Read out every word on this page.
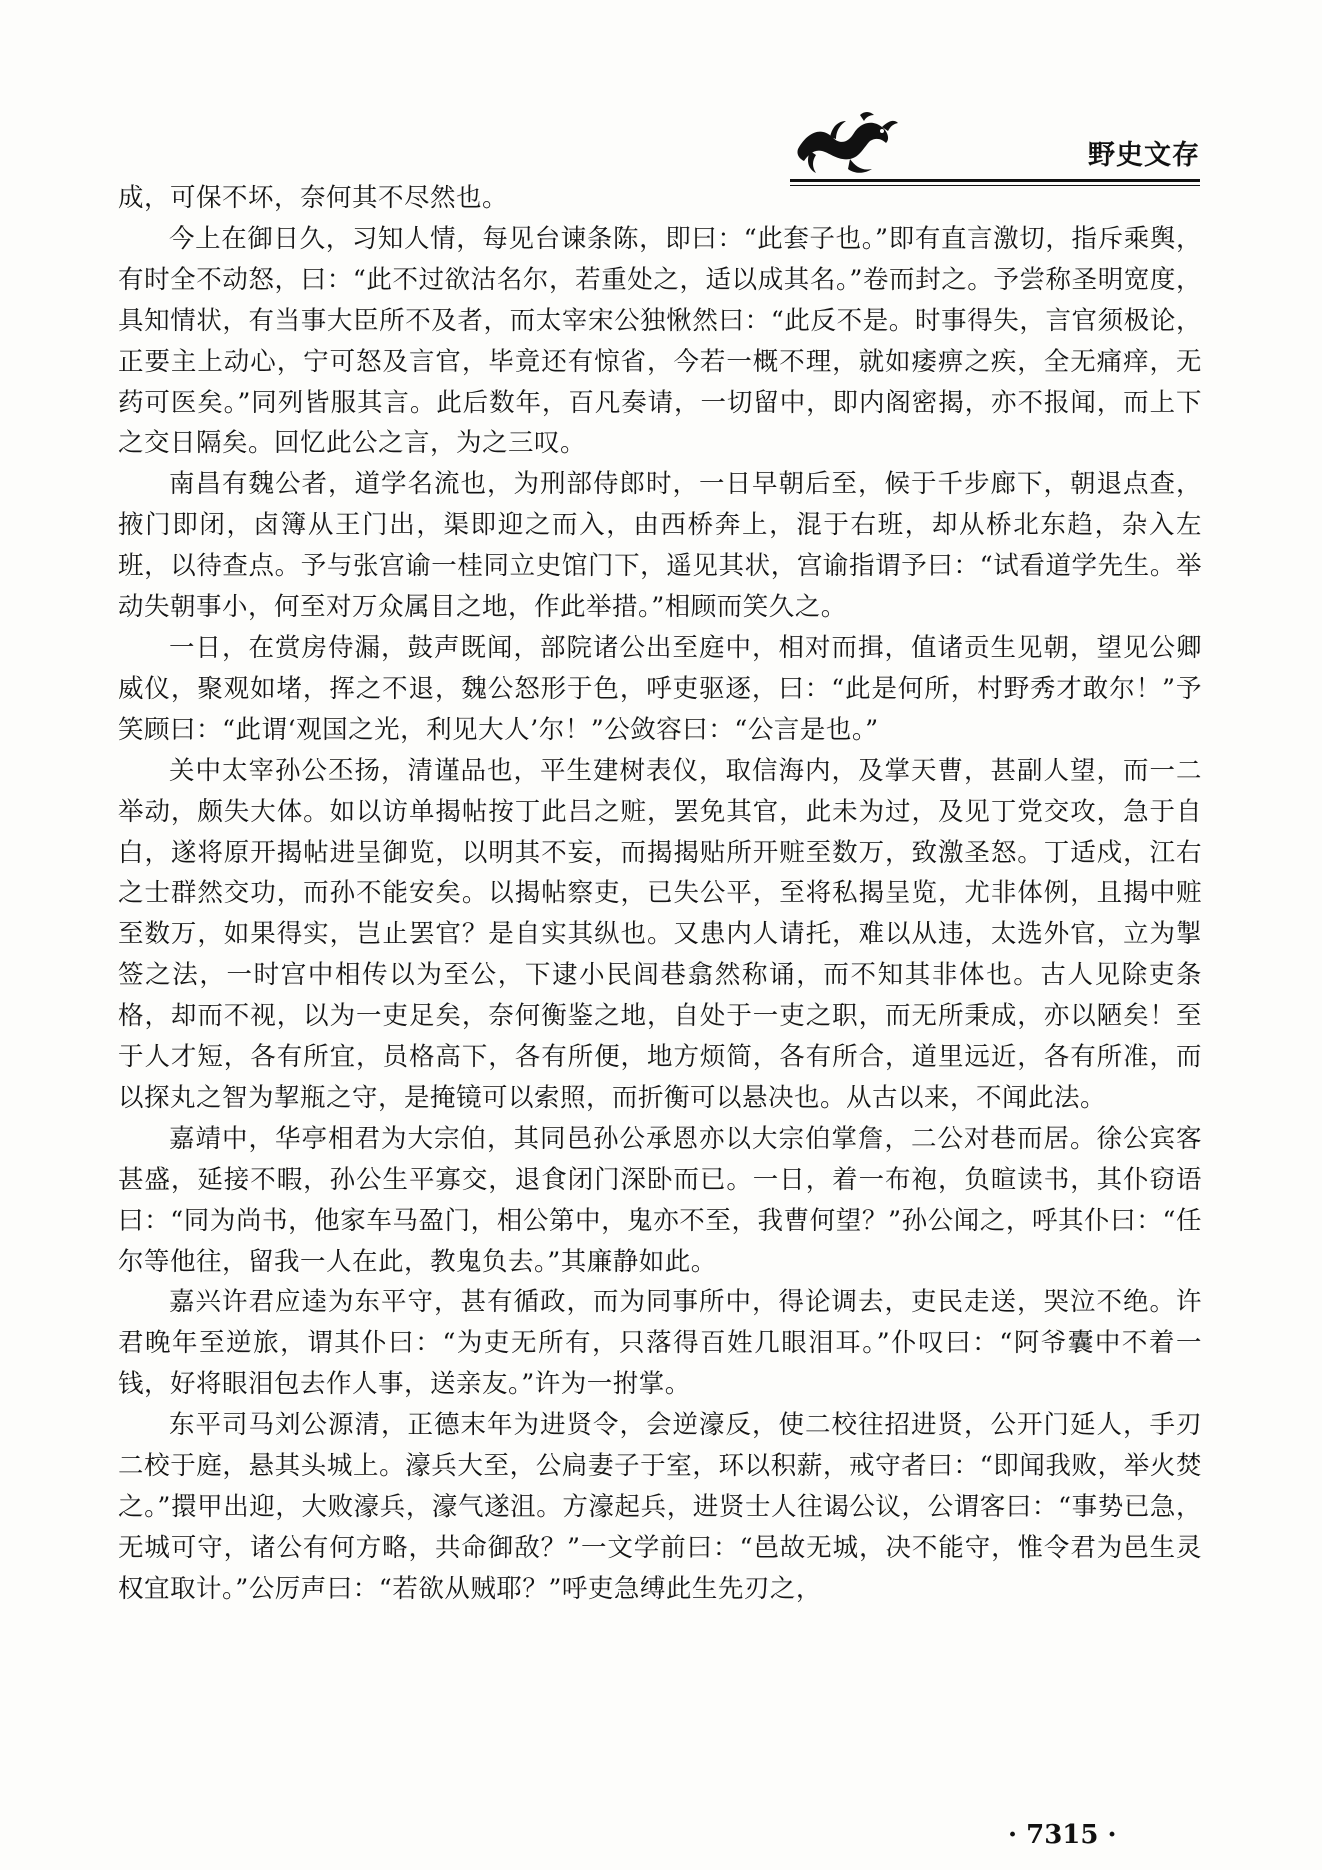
野史文存

成，可保不坏，奈何其不尽然也。

今上在御日久，习知人情，每见台谏条陈，即曰：“此套子也。”即有直言激切，指斥乘舆，有时全不动怒，曰：“此不过欲沽名尔，若重处之，适以成其名。”卷而封之。予尝称圣明宽度，具知情状，有当事大臣所不及者，而太宰宋公独愀然曰：“此反不是。时事得失，言官须极论，正要主上动心，宁可怒及言官，毕竟还有惊省，今若一概不理，就如痿痹之疾，全无痛痒，无药可医矣。”同列皆服其言。此后数年，百凡奏请，一切留中，即内阁密揭，亦不报闻，而上下之交日隔矣。回忆此公之言，为之三叹。

南昌有魏公者，道学名流也，为刑部侍郎时，一日早朝后至，候于千步廊下，朝退点查，掖门即闭，卤簿从王门出，渠即迎之而入，由西桥奔上，混于右班，却从桥北东趋，杂入左班，以待查点。予与张宫谕一桂同立史馆门下，遥见其状，宫谕指谓予曰：“试看道学先生。举动失朝事小，何至对万众属目之地，作此举措。”相顾而笑久之。

一日，在赏房侍漏，鼓声既闻，部院诸公出至庭中，相对而揖，值诸贡生见朝，望见公卿威仪，聚观如堵，挥之不退，魏公怒形于色，呼吏驱逐，曰：“此是何所，村野秀才敢尔！”予笑顾曰：“此谓‘观国之光，利见大人’尔！”公敛容曰：“公言是也。”

关中太宰孙公丕扬，清谨品也，平生建树表仪，取信海内，及掌天曹，甚副人望，而一二举动，颇失大体。如以访单揭帖按丁此吕之赃，罢免其官，此未为过，及见丁党交攻，急于自白，遂将原开揭帖进呈御览，以明其不妄，而揭揭贴所开赃至数万，致激圣怒。丁适戍，江右之士群然交功，而孙不能安矣。以揭帖察吏，已失公平，至将私揭呈览，尤非体例，且揭中赃至数万，如果得实，岂止罢官？是自实其纵也。又患内人请托，难以从违，太选外官，立为掣签之法，一时宫中相传以为至公，下逮小民闾巷翕然称诵，而不知其非体也。古人见除吏条格，却而不视，以为一吏足矣，奈何衡鉴之地，自处于一吏之职，而无所秉成，亦以陋矣！至于人才短，各有所宜，员格高下，各有所便，地方烦简，各有所合，道里远近，各有所准，而以探丸之智为挈瓶之守，是掩镜可以索照，而折衡可以悬决也。从古以来，不闻此法。

嘉靖中，华亭相君为大宗伯，其同邑孙公承恩亦以大宗伯掌詹，二公对巷而居。徐公宾客甚盛，延接不暇，孙公生平寡交，退食闭门深卧而已。一日，着一布袍，负暄读书，其仆窃语曰：“同为尚书，他家车马盈门，相公第中，鬼亦不至，我曹何望？”孙公闻之，呼其仆曰：“任尔等他往，留我一人在此，教鬼负去。”其廉静如此。

嘉兴许君应逵为东平守，甚有循政，而为同事所中，得论调去，吏民走送，哭泣不绝。许君晚年至逆旅，谓其仆曰：“为吏无所有，只落得百姓几眼泪耳。”仆叹曰：“阿爷囊中不着一钱，好将眼泪包去作人事，送亲友。”许为一拊掌。

东平司马刘公源清，正德末年为进贤令，会逆濠反，使二校往招进贤，公开门延人，手刃二校于庭，悬其头城上。濠兵大至，公扃妻子于室，环以积薪，戒守者曰：“即闻我败，举火焚之。”擐甲出迎，大败濠兵，濠气遂沮。方濠起兵，进贤士人往谒公议，公谓客曰：“事势已急，无城可守，诸公有何方略，共命御敌？”一文学前曰：“邑故无城，决不能守，惟令君为邑生灵权宜取计。”公厉声曰：“若欲从贼耶？”呼吏急缚此生先刃之，

· 7315 ·
